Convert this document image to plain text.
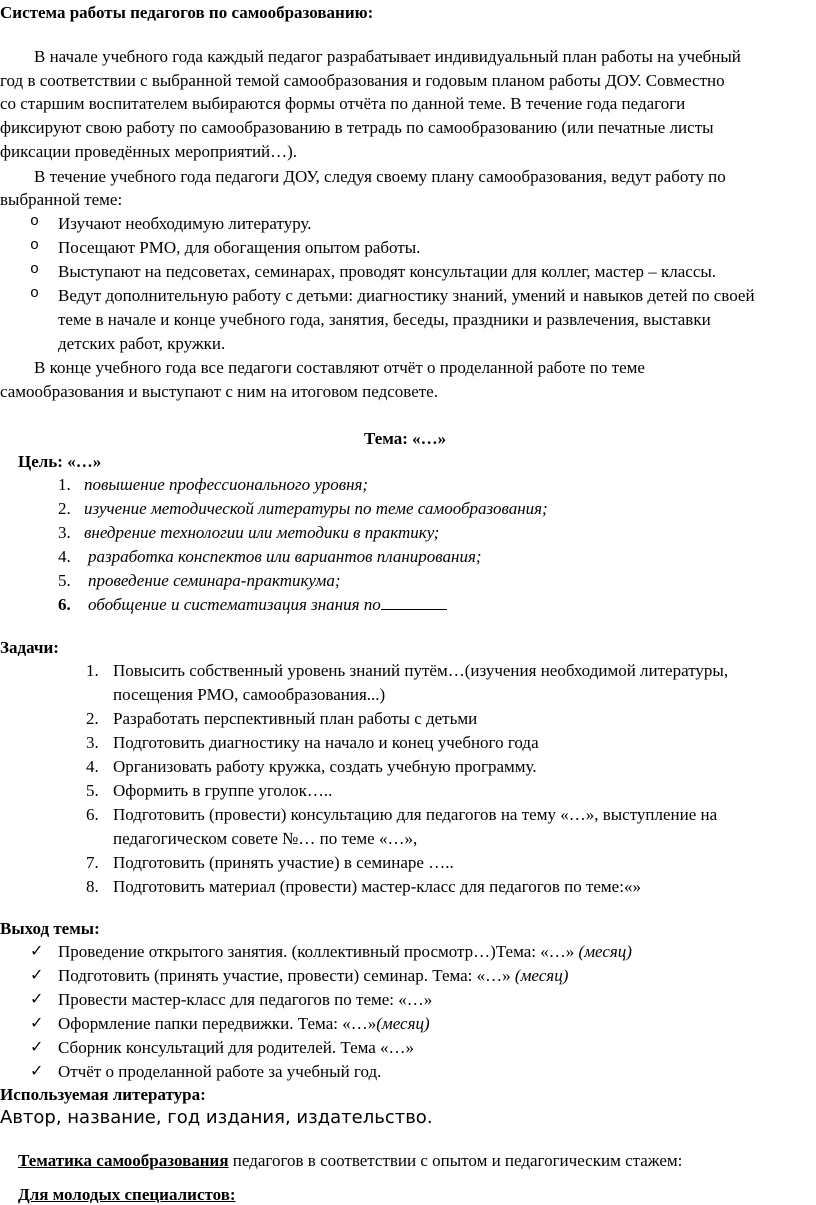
Система работы педагогов по самообразованию:
В начале учебного года каждый педагог разрабатывает индивидуальный план работы на учебный
год в соответствии с выбранной темой самообразования и годовым планом работы ДОУ. Совместно
со старшим воспитателем выбираются формы отчёта по данной теме. В течение года педагоги
фиксируют свою работу по самообразованию в тетрадь по самообразованию (или печатные листы
фиксации проведённых мероприятий…).
В течение учебного года педагоги ДОУ, следуя своему плану самообразования, ведут работу по
выбранной теме:
o Изучают необходимую литературу.
o Посещают РМО, для обогащения опытом работы.
o Выступают на педсоветах, семинарах, проводят консультации для коллег, мастер – классы.
o Ведут дополнительную работу с детьми: диагностику знаний, умений и навыков детей по своей
теме в начале и конце учебного года, занятия, беседы, праздники и развлечения, выставки
детских работ, кружки.
В конце учебного года все педагоги составляют отчёт о проделанной работе по теме
самообразования и выступают с ним на итоговом педсовете.
Тема: «…»
Цель: «…»
1. повышение профессионального уровня;
2. изучение методической литературы по теме самообразования;
3. внедрение технологии или методики в практику;
4. разработка конспектов или вариантов планирования;
5. проведение семинара-практикума;
6. обобщение и систематизация знания по
Задачи:
1. Повысить собственный уровень знаний путём…(изучения необходимой литературы,
посещения РМО, самообразования...)
2. Разработать перспективный план работы с детьми
3. Подготовить диагностику на начало и конец учебного года
4. Организовать работу кружка, создать учебную программу.
5. Оформить в группе уголок…..
6. Подготовить (провести) консультацию для педагогов на тему «…», выступление на
педагогическом совете №… по теме «…»,
7. Подготовить (принять участие) в семинаре …..
8. Подготовить материал (провести) мастер-класс для педагогов по теме:«»
Выход темы:
✓ Проведение открытого занятия. (коллективный просмотр…)Тема: «…» (месяц)
✓ Подготовить (принять участие, провести) семинар. Тема: «…» (месяц)
✓ Провести мастер-класс для педагогов по теме: «…»
✓ Оформление папки передвижки. Тема: «…»(месяц)
✓ Сборник консультаций для родителей. Тема «…»
✓ Отчёт о проделанной работе за учебный год.
Используемая литература:
Автор, название, год издания, издательство.
Тематика самообразования педагогов в соответствии с опытом и педагогическим стажем:
Для молодых специалистов:
